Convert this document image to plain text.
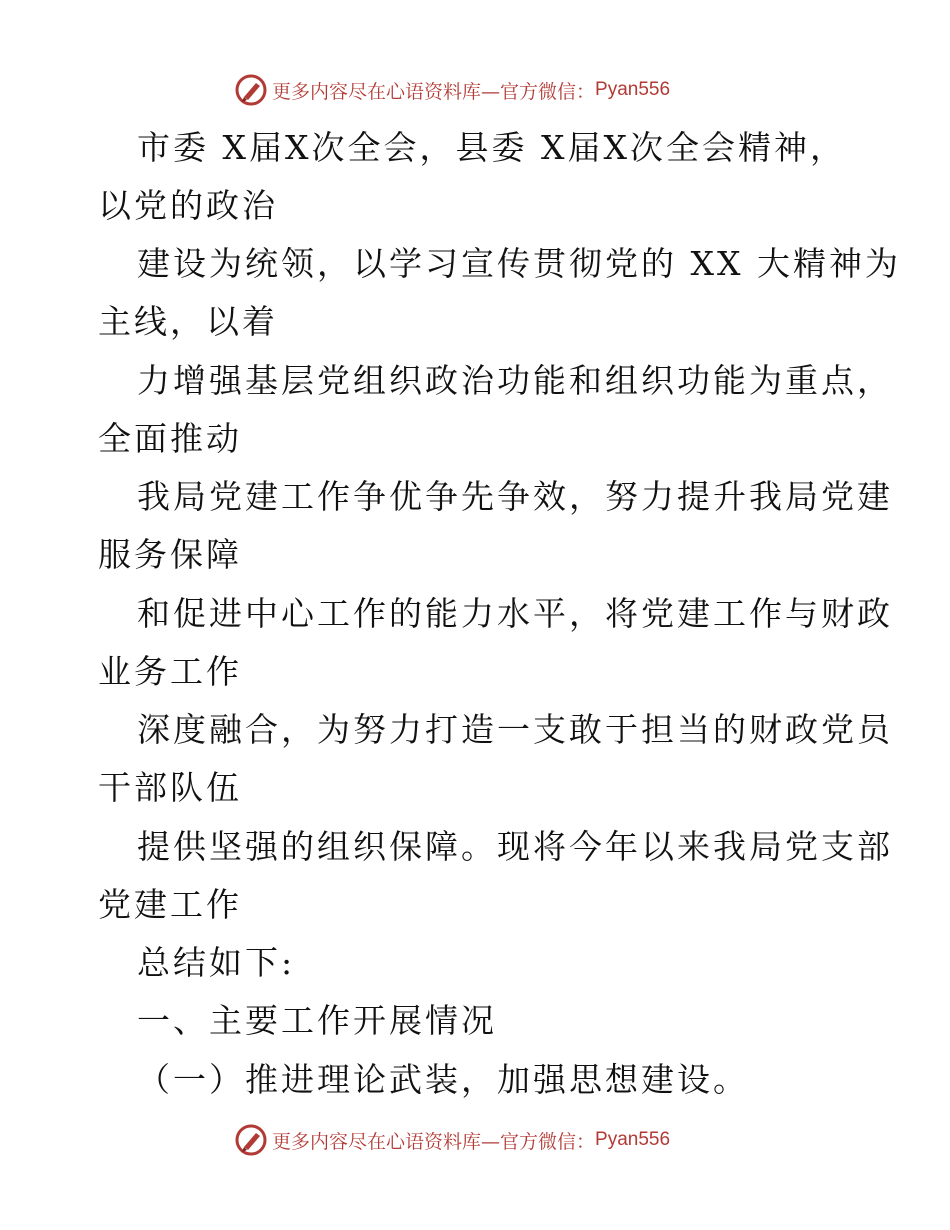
更多内容尽在心语资料库—官方微信： Pyan556
市委 X届X次全会，县委 X届X次全会精神，
以党的政治
建设为统领，以学习宣传贯彻党的 XX 大精神为
主线，以着
力增强基层党组织政治功能和组织功能为重点，
全面推动
我局党建工作争优争先争效，努力提升我局党建
服务保障
和促进中心工作的能力水平，将党建工作与财政
业务工作
深度融合，为努力打造一支敢于担当的财政党员
干部队伍
提供坚强的组织保障。现将今年以来我局党支部
党建工作
总结如下:
一、主要工作开展情况
（一）推进理论武装，加强思想建设。
更多内容尽在心语资料库—官方微信： Pyan556
